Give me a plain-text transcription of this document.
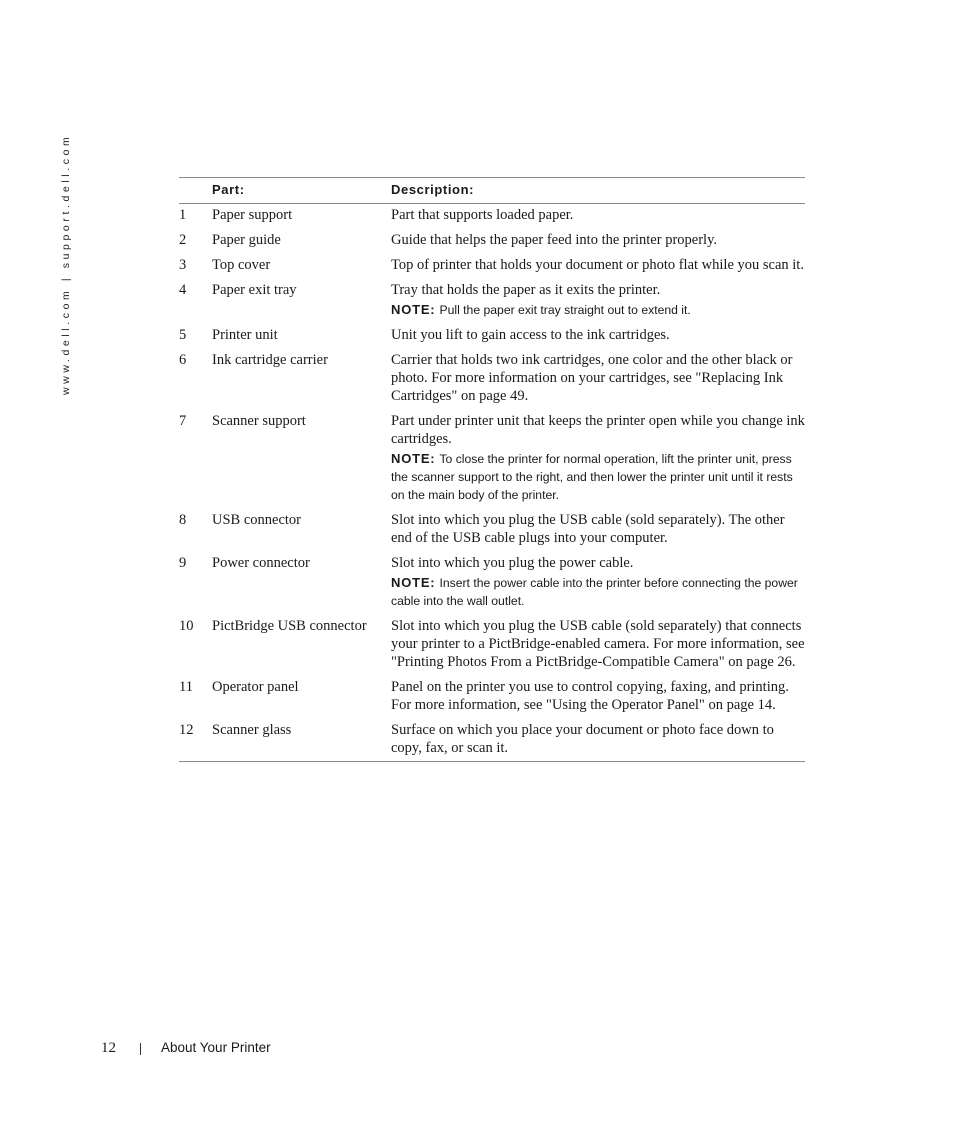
www.dell.com | support.dell.com
		Part:	Description:
1	Paper support	Part that supports loaded paper.

2	Paper guide	Guide that helps the paper feed into the printer properly.

3	Top cover	Top of printer that holds your document or photo flat while you scan it.

4	Paper exit tray	Tray that holds the paper as it exits the printer.
NOTE: Pull the paper exit tray straight out to extend it.

5	Printer unit	Unit you lift to gain access to the ink cartridges.

6	Ink cartridge carrier	Carrier that holds two ink cartridges, one color and the other black or photo. For more information on your cartridges, see "Replacing Ink Cartridges" on page 49.

7	Scanner support	Part under printer unit that keeps the printer open while you change ink cartridges.
NOTE: To close the printer for normal operation, lift the printer unit, press the scanner support to the right, and then lower the printer unit until it rests on the main body of the printer.

8	USB connector	Slot into which you plug the USB cable (sold separately). The other end of the USB cable plugs into your computer.

9	Power connector	Slot into which you plug the power cable.
NOTE: Insert the power cable into the printer before connecting the power cable into the wall outlet.

10	PictBridge USB connector	Slot into which you plug the USB cable (sold separately) that connects your printer to a PictBridge-enabled camera. For more information, see "Printing Photos From a PictBridge-Compatible Camera" on page 26.

11	Operator panel	Panel on the printer you use to control copying, faxing, and printing. For more information, see "Using the Operator Panel" on page 14.

12	Scanner glass	Surface on which you place your document or photo face down to copy, fax, or scan it.
12	About Your Printer
